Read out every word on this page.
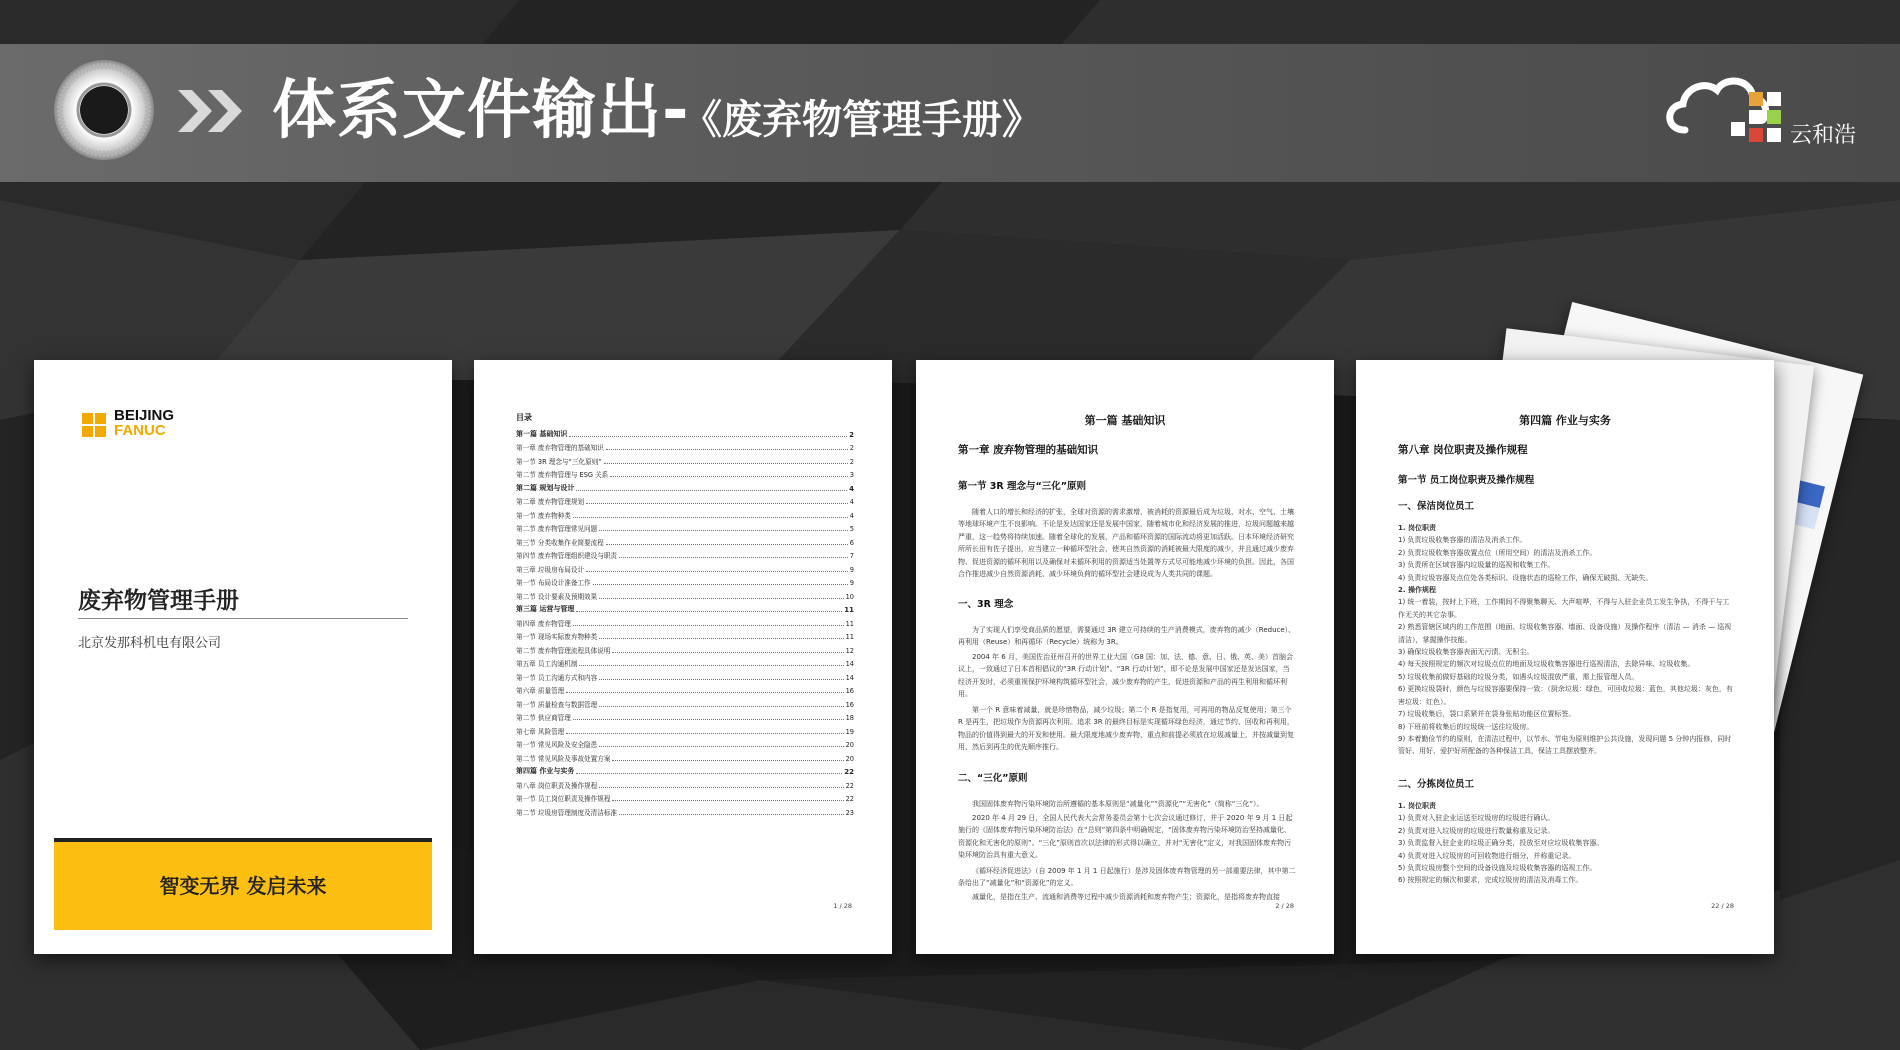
体系文件输出-
《废弃物管理手册》	云和浩
BEIJING
FANUC
废弃物管理手册
北京发那科机电有限公司
智变无界 发启未来
目录
第一篇 基础知识	2
第一章 废弃物管理的基础知识	2
第一节 3R 理念与“三化原则”	2
第二节 废弃物管理与 ESG 关系	3
第二篇 规划与设计	4
第二章 废弃物管理规划	4
第一节 废弃物种类	4
第二节 废弃物管理常见问题	5
第三节 分类收集作业简要流程	6
第四节 废弃物管理组织建设与职责	7
第三章 垃圾房布局设计	9
第一节 布局设计准备工作	9
第二节 设计要素及预期效果	10
第三篇 运营与管理	11
第四章 废弃物管理	11
第一节 现场实际废弃物种类	11
第二节 废弃物管理流程具体说明	12
第五章 员工沟通机制	14
第一节 员工沟通方式和内容	14
第六章 质量管理	16
第一节 质量检查与数据管理	16
第二节 供应商管理	18
第七章 风险管理	19
第一节 常见风险及安全隐患	20
第二节 常见风险及事故处置方案	20
第四篇 作业与实务	22
第八章 岗位职责及操作规程	22
第一节 员工岗位职责及操作规程	22
第二节 垃圾房管理制度及清洁标准	23
1 / 28
第一篇 基础知识
第一章 废弃物管理的基础知识
第一节 3R 理念与“三化”原则
随着人口的增长和经济的扩张，全球对资源的需求激增，被消耗的资源最后成为垃圾、对水、空气、土壤等地球环境产生不良影响。不论是发达国家还是发展中国家，随着城市化和经济发展的推进，垃圾问题越来越严重，这一趋势将持续加速。随着全球化的发展，产品和循环资源的国际流动将更加活跃。日本环境经济研究所所长田有佐子提出，应当建立一种循环型社会，使其自然资源的消耗被最大限度的减少，并且通过减少废弃物、促进资源的循环利用以及确保对未循环利用的资源适当处置等方式尽可能地减少环境的负担。因此，各国合作推进减少自然资源消耗、减少环境负荷的循环型社会建设成为人类共同的课题。
一、3R 理念
为了实现人们享受商品质的愿望，需要通过 3R 建立可持续的生产消费模式，废弃物的减少（Reduce）、再利用（Reuse）和再循环（Recycle）统称为 3R。
2004 年 6 月，美国佐治亚州召开的世界工业大国（G8 国：加、法、德、意、日、俄、英、美）首脑会议上，一致通过了日本首相倡议的“3R 行动计划”。“3R 行动计划”，即不论是发展中国家还是发达国家，当经济开发时，必须重视保护环境构筑循环型社会，减少废弃物的产生，促进资源和产品的再生利用和循环利用。
第一个 R 意味着减量，就是珍惜物品，减少垃圾；第二个 R 是指复用，可再用的物品反复使用；第三个 R 是再生，把垃圾作为资源再次利用。追求 3R 的最终目标是实现循环绿色经济，通过节约、回收和再利用，物品的价值得到最大的开发和使用。最大限度地减少废弃物，重点和前提必须放在垃圾减量上，并按减量到复用，然后到再生的优先顺序推行。
二、“三化”原则
我国固体废弃物污染环境防治所遵循的基本原则是“减量化”“资源化”“无害化”（简称“三化”）。
2020 年 4 月 29 日，全国人民代表大会常务委员会第十七次会议通过修订，并于 2020 年 9 月 1 日起施行的《固体废弃物污染环境防治法》在“总则”第四条中明确规定，“固体废弃物污染环境防治坚持减量化、资源化和无害化的原则”。“三化”原则首次以法律的形式得以确立，并对“无害化”定义，对我国固体废弃物污染环境防治具有重大意义。
《循环经济促进法》（自 2009 年 1 月 1 日起施行）是涉及固体废弃物管理的另一部重要法律，其中第二条给出了“减量化”和“资源化”的定义。
减量化，是指在生产、流通和消费等过程中减少资源消耗和废弃物产生；资源化，是指将废弃物直接
2 / 28
第四篇 作业与实务
第八章 岗位职责及操作规程
第一节 员工岗位职责及操作规程
一、保洁岗位员工
1. 岗位职责
1) 负责垃圾收集容器的清洁及消杀工作。
2) 负责垃圾收集容器放置点位（所用空间）的清洁及消杀工作。
3) 负责所在区域容器内垃圾量的巡视和收集工作。
4) 负责垃圾容器及点位处各类标识、设施状态的巡检工作，确保无破损、无缺失。
2. 操作规程
1) 统一着装，按时上下班，工作期间不得聚集聊天、大声喧哗，不得与入驻企业员工发生争执，不得干与工作无关的其它杂事。
2) 熟悉管辖区域内的工作范围（地面、垃圾收集容器、墙面、设备设施）及操作程序（清洁 — 消杀 — 巡视清洁），掌握操作技能。
3) 确保垃圾收集容器表面无污渍、无积尘。
4) 每天按照规定的频次对垃圾点位的地面及垃圾收集容器进行巡视清洁，去除异味、垃圾收集。
5) 垃圾收集前做好基础的垃圾分类，如遇头垃圾混放严重，需上报管理人员。
6) 更换垃圾袋时，颜色与垃圾容器要保持一致：（厨余垃圾：绿色，可回收垃圾：蓝色，其他垃圾：灰色，有害垃圾：红色）。
7) 垃圾收集后，袋口系紧并在袋身张贴功能区位置标签。
8) 下班前将收集后的垃圾统一送往垃圾房。
9) 本着勤俭节约的原则，在清洁过程中，以节水、节电为原则维护公共设施，发现问题 5 分钟内报修，同时管好、用好、爱护好所配备的各种保洁工具，保洁工具摆放整齐。
二、分拣岗位员工
1. 岗位职责
1) 负责对入驻企业运送至垃圾房的垃圾进行确认。
2) 负责对进入垃圾房的垃圾进行数量称重及记录。
3) 负责监督入驻企业的垃圾正确分类，投放至对应垃圾收集容器。
4) 负责对进入垃圾房的可回收物进行细分，并称重记录。
5) 负责垃圾房整个空间的设备设施及垃圾收集容器的巡视工作。
6) 按照规定的频次和要求，完成垃圾房的清洁及消毒工作。
22 / 28
